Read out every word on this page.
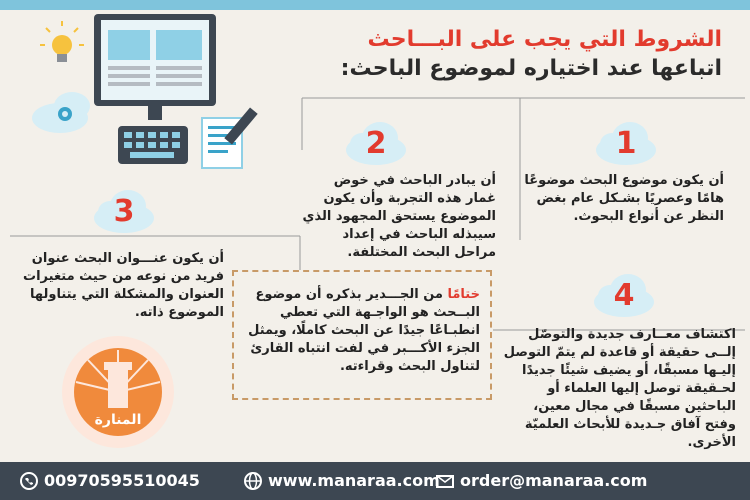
الشروط التي يجب على البـــاحث
اتباعها عند اختياره لموضوع الباحث:
1
2
3
4
أن يكون موضوع البحث موضوعًا هامًا وعصريًا بشـكل عام بغض النظر عن أنواع البحوث.
أن يبادر الباحث في خوض غمار هذه التجربة وأن يكون الموضوع يستحق المجهود الذي سيبذله الباحث في إعداد مراحل البحث المختلفة.
أن يكون عنـــوان البحث عنوان فريد من نوعه من حيث متغيرات العنوان والمشكلة التي يتناولها الموضوع ذاته.
اكتشاف معــارف جديدة والتوصّل إلــى حقيقة أو قاعدة لم يتمّ التوصل إليـها مسبقًا، أو يضيف شيئًا جديدًا لحـقيقة توصل إليها العلماء أو الباحثين مسبقًا في مجال معين، وفتح آفاق جـديدة للأبحاث العلميّة الأخرى.
ختامًا من الجـــدير بذكره أن موضوع البــحث هو الواجـهة التي تعطي انطبـاعًا جيدًا عن البحث كاملًا، ويمثل الجزء الأكـــبر في لفت انتباه القارئ لتناول البحث وقراءته.
المنارة
00970595510045	www.manaraa.com order@manaraa.com
